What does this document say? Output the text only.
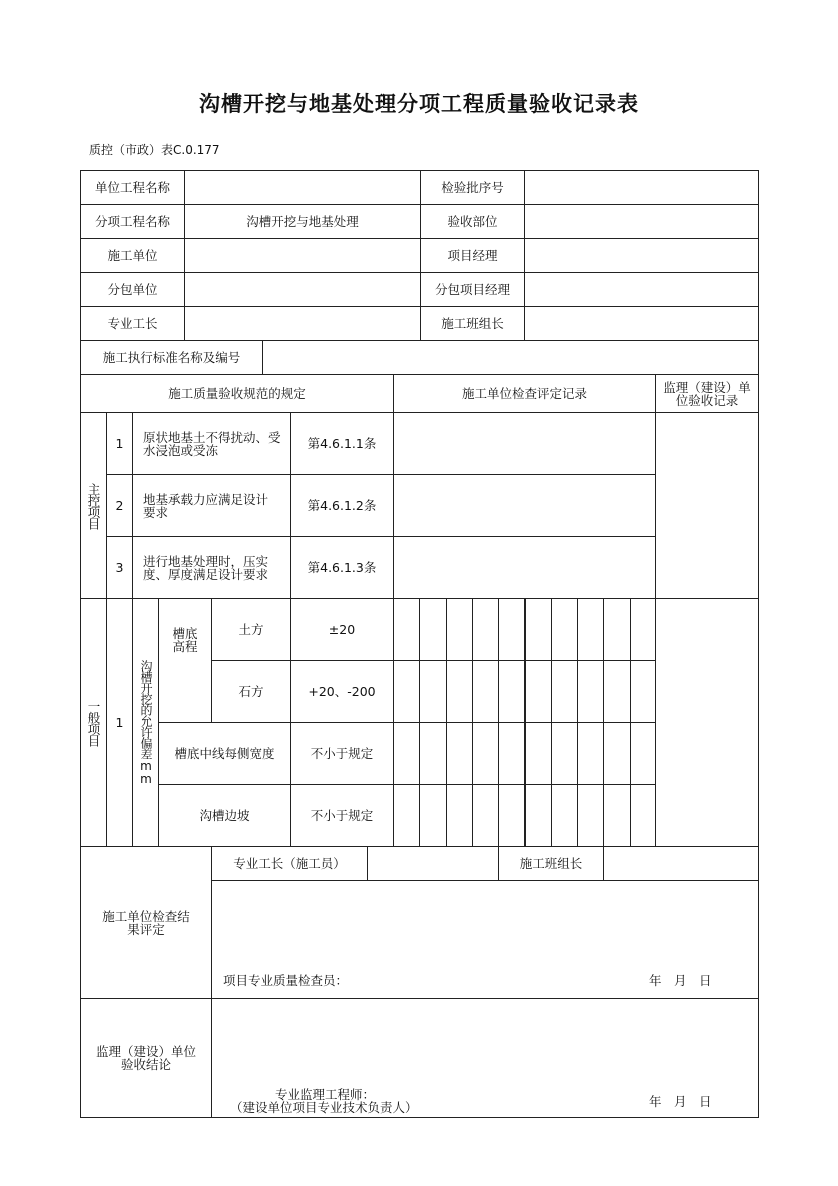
沟槽开挖与地基处理分项工程质量验收记录表
质控（市政）表C.0.177
单位工程名称	检验批序号
分项工程名称	沟槽开挖与地基处理	验收部位
施工单位	项目经理
分包单位	分包项目经理
专业工长	施工班组长
施工执行标准名称及编号
施工质量验收规范的规定	施工单位检查评定记录	监理（建设）单位验收记录
主控项目
1	原状地基土不得扰动、受水浸泡或受冻	第4.6.1.1条
2	地基承载力应满足设计要求	第4.6.1.2条
3	进行地基处理时，压实度、厚度满足设计要求	第4.6.1.3条
一般项目	1	沟槽开挖的允许偏差mm
槽底高程
土方	±20
石方	+20、-200
槽底中线每侧宽度	不小于规定
沟槽边坡	不小于规定
施工单位检查结果评定
专业工长（施工员）	施工班组长
项目专业质量检查员：	年　月　日
监理（建设）单位验收结论
专业监理工程师：
（建设单位项目专业技术负责人）	年　月　日
